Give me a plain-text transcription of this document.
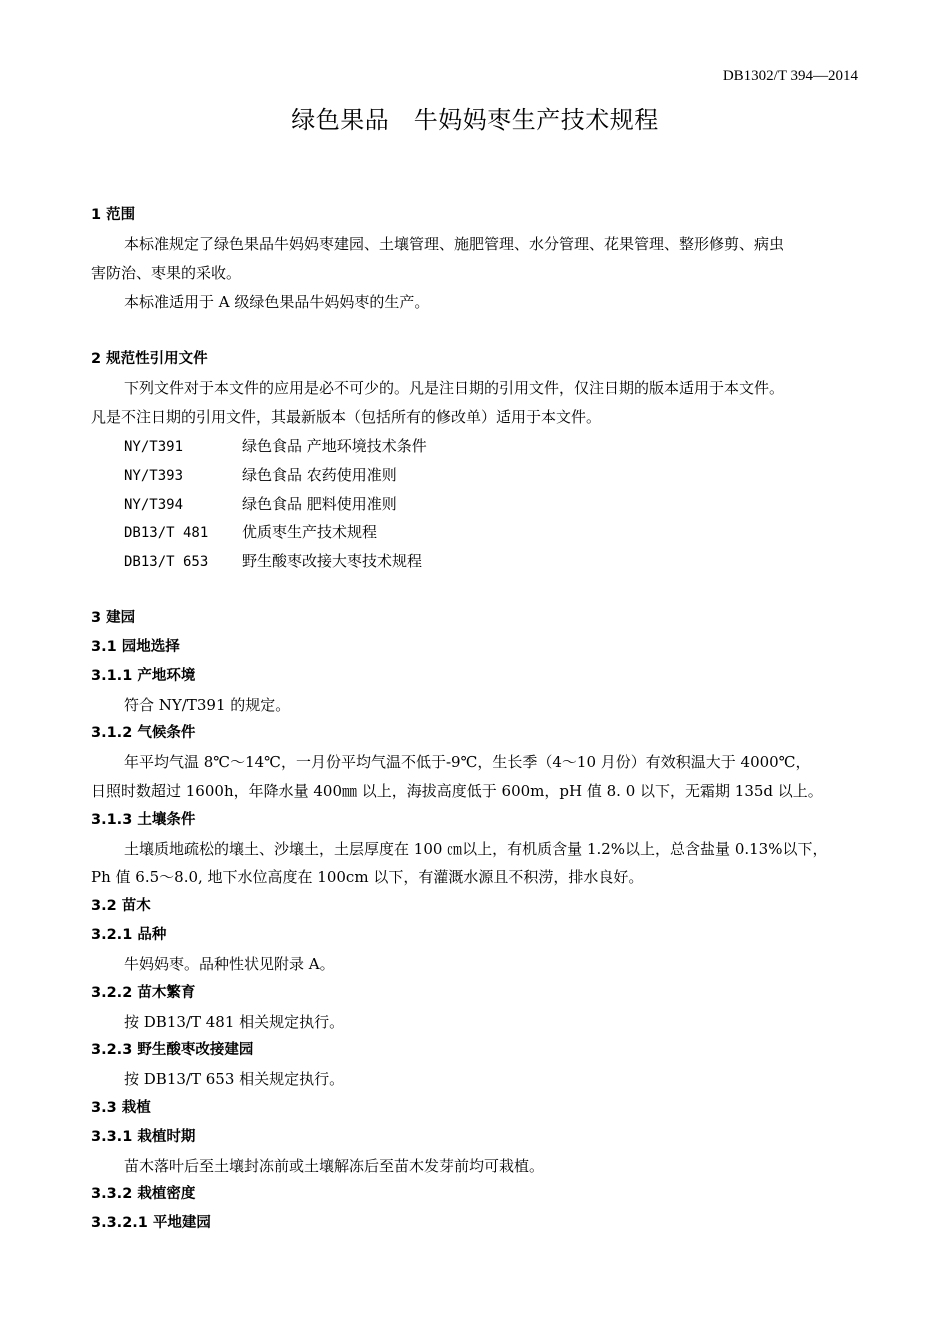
DB1302/T 394—2014
绿色果品　牛妈妈枣生产技术规程
1 范围
本标准规定了绿色果品牛妈妈枣建园、土壤管理、施肥管理、水分管理、花果管理、整形修剪、病虫
害防治、枣果的采收。
本标准适用于 A 级绿色果品牛妈妈枣的生产。
2 规范性引用文件
下列文件对于本文件的应用是必不可少的。凡是注日期的引用文件，仅注日期的版本适用于本文件。
凡是不注日期的引用文件，其最新版本（包括所有的修改单）适用于本文件。
NY/T391	绿色食品 产地环境技术条件
NY/T393	绿色食品 农药使用准则
NY/T394	绿色食品 肥料使用准则
DB13/T 481 优质枣生产技术规程
DB13/T 653 野生酸枣改接大枣技术规程
3 建园
3.1 园地选择
3.1.1 产地环境
符合 NY/T391 的规定。
3.1.2 气候条件
年平均气温 8℃～14℃，一月份平均气温不低于-9℃，生长季（4～10 月份）有效积温大于 4000℃，
日照时数超过 1600h，年降水量 400㎜ 以上，海拔高度低于 600m，pH 值 8. 0 以下，无霜期 135d 以上。
3.1.3 土壤条件
土壤质地疏松的壤土、沙壤土，土层厚度在 100 ㎝以上，有机质含量 1.2%以上，总含盐量 0.13%以下，
Ph 值 6.5～8.0, 地下水位高度在 100cm 以下，有灌溉水源且不积涝，排水良好。
3.2 苗木
3.2.1 品种
牛妈妈枣。品种性状见附录 A。
3.2.2 苗木繁育
按 DB13/T 481 相关规定执行。
3.2.3 野生酸枣改接建园
按 DB13/T 653 相关规定执行。
3.3 栽植
3.3.1 栽植时期
苗木落叶后至土壤封冻前或土壤解冻后至苗木发芽前均可栽植。
3.3.2 栽植密度
3.3.2.1 平地建园
